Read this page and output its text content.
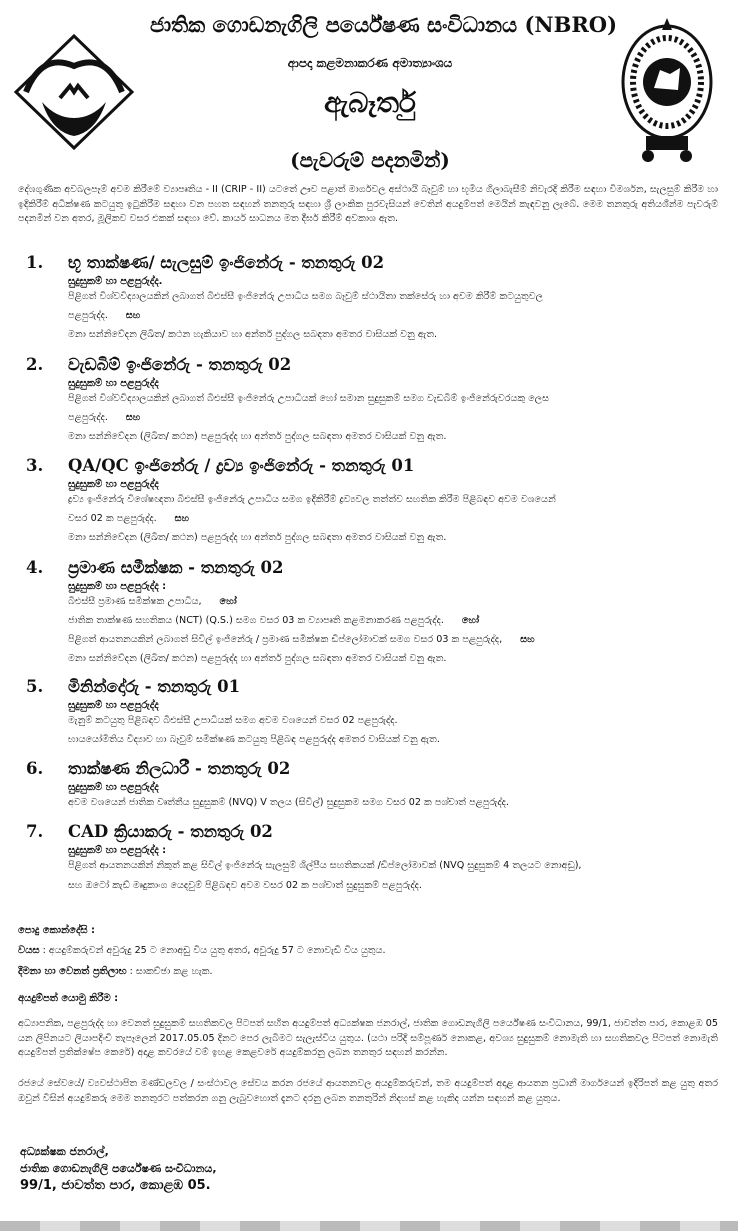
ජාතික ගොඩනැගිලි පර්යේෂණ සංවිධානය (NBRO)
ආපදා කළමනාකරණ අමාත්‍යාංශය
ඇබෑර්තු
(පැවරුම් පදනමින්)
දේශගුණික අවබලපෑම් අවම කිරීමේ ව්‍යාපෘතිය - II (CRIP - II) යටතේ ඌව පළාත් මාර්ගවල අස්ථායි බෑවුම් හා භූමිය ගිලාබැසීම් නිවැරදි කිරීම සඳහා විමර්ශන, සැලසුම් කිරීම හා ඉදිකිරීම් අධීක්ෂණ කටයුතු ඉටුකිරීම සඳහා වන පහත සඳහන් තනතුරු සඳහා ශ්‍රී ලාංකික පුරවැසියන් වෙතින් අයදුම්පත් මෙයින් කැඳවනු ලැබේ. මෙම තනතුරු අතියශීන්ම පැවරුම් පදනමින් වන අතර, මූලිකව වසර එකක් සඳහා වේ. කාර්ය සාධනය මත දීර්ඝ කිරීම් අවකාශ ඇත.
1. භූ තාක්ෂණ/ සැලසුම් ඉංජිනේරු - තනතුරු 02
සුදුසුකම් හා පළපුරුද්ද.
පිළිගත් විශ්වවිද්‍යාලයකින් ලබාගත් බීඑස්සී ඉංජිනේරු උපාධිය සමග බෑවුම් ස්ථායිතා තක්සේරු හා අවම කිරීම් කටයුතුවල
පළපුරුද්ද. සහ
මනා සන්නිවේදන ලිඛිත/ කථන හැකියාව හා අන්තර් පුද්ගල සබඳතා අමතර වාසියක් වනු ඇත.
2. වැඩබිම් ඉංජිනේරු - තනතුරු 02
සුදුසුකම් හා පළපුරුද්ද
පිළිගත් විශ්වවිද්‍යාලයකින් ලබාගත් බීඑස්සී ඉංජිනේරු උපාධියක් හෝ සමාන සුදුසුකම් සමග වැඩබිම් ඉංජිනේරුවරයකු ලෙස
පළපුරුද්ද. සහ
මනා සන්නිවේදන (ලිඛිත/ කථන) පළපුරුද්ද හා අන්තර් පුද්ගල සබඳතා අමතර වාසියක් වනු ඇත.
3. QA/QC ඉංජිනේරු / ද්‍රව්‍ය ඉංජිනේරු - තනතුරු 01
සුදුසුකම් හා පළපුරුද්ද
ද්‍රව්‍ය ඉංජිනේරු විශේෂඥතා බීඑස්සී ඉංජිනේරු උපාධිය සමග ඉදිකිරීම් ද්‍රව්‍යවල තත්ත්ව සහතික කිරීම පිළිබඳව අවම වශයෙන්
වසර 02 ක පළපුරුද්ද. සහ
මනා සන්නිවේදන (ලිඛිත/ කථන) පළපුරුද්ද හා අන්තර් පුද්ගල සබඳතා අමතර වාසියක් වනු ඇත.
4. ප්‍රමාණ සමීක්ෂක - තනතුරු 02
සුදුසුකම් හා පළපුරුද්ද :
බීඑස්සී ප්‍රමාණ සමීක්ෂක උපාධිය, හෝ
ජාතික තාක්ෂණ සහතිකය (NCT) (Q.S.) සමග වසර 03 ක ව්‍යාපෘති කළමනාකරණ පළපුරුද්ද. හෝ
පිළිගත් ආයතනයකින් ලබාගත් සිවිල් ඉංජිනේරු / ප්‍රමාණ සමීක්ෂක ඩිප්ලෝමාවක් සමග වසර 03 ක පළපුරුද්ද, සහ
මනා සන්නිවේදන (ලිඛිත/ කථන) පළපුරුද්ද හා අන්තර් පුද්ගල සබඳතා අමතර වාසියක් වනු ඇත.
5. මිනින්දෝරු - තනතුරු 01
සුදුසුකම් හා පළපුරුද්ද
මැනුම් කටයුතු පිළිබඳව බීඑස්සී උපාධියක් සමග අවම වශයෙන් වසර 02 පළපුරුද්ද.
භායයෝමිතිය විද්‍යාව හා බෑවුම් සමීක්ෂණ කටයුතු පිළිබඳ පළපුරුද්ද අමතර වාසියක් වනු ඇත.
6. තාක්ෂණ නිලධාරී - තනතුරු 02
සුදුසුකම් හා පළපුරුද්ද
අවම වශයෙන් ජාතික වෘත්තීය සුදුසුකම් (NVQ) V තලය (සිවිල්) සුදුසුකම සමග වසර 02 ක පශ්චාත් පළපුරුද්ද.
7. CAD ක්‍රියාකරු - තනතුරු 02
සුදුසුකම් හා පළපුරුද්ද :
පිළිගත් ආයතනයකින් නිකුත් කළ සිවිල් ඉංජිනේරු සැලසුම් ශිල්පීය සහතිකයක් /ඩිප්ලෝමාවක් (NVQ සුදුසුකම් 4 තලයට නොඅඩු),
සහ ඔටෝ කැඩ් මෘදුකාංග යෙදවුම් පිළිබඳව අවම වසර 02 ක පශ්චාත් සුදුසුකම් පළපුරුද්ද.
පොදු කොන්දේසි :
වයස : අයදුම්කරුවන් අවුරුදු 25 ට නොඅඩු විය යුතු අතර, අවුරුදු 57 ට නොවැඩි විය යුතුය.
දීමනා හා වෙනත් ප්‍රතිලාභ : සාකච්ඡා කළ හැක.
අයදුම්පත් යොමු කිරීම :
අධ්‍යාපනික, පළපුරුද්ද හා වෙනත් සුදුසුකම් සහතිකවල පිටපත් සහිත අයදුම්පත් අධ්‍යක්ෂක ජනරාල්, ජාතික ගොඩනැගිලි පර්යේෂණ සංවිධානය, 99/1, ජාවත්ත පාර, කොළඹ 05 යන ලිපිනයට ලියාපදිංචි තැපෑලෙන් 2017.05.05 දිනට පෙර ලැබීමට සැලැස්විය යුතුය. (යථා පරිදි සම්පූර්ණ නොකළ, අවශ්‍ය සුදුසුකම් නොමැති හා සහතිකවල පිටපත් නොමැති අයදුම්පත් ප්‍රතික්ෂේප කෙරේ) අදාළ කවරයේ වම් ඉහළ කෙළවරේ අයදුම්කරනු ලබන තනතුර සඳහන් කරන්න.
රජයේ සේවයේ/ ව්‍යවස්ථාපිත මණ්ඩලවල / සංස්ථාවල සේවය කරන රජයේ ආයතනවල අයදුම්කරුවන්, තම අයදුම්පත් අදාළ ආයතන ප්‍රධානී මාර්ගයෙන් ඉදිරිපත් කළ යුතු අතර ඔවුන් විසින් අයදුම්කරු මෙම තනතුරට පත්කරන ගනු ලැබුවහොත් දැනට දරනු ලබන තනතුරින් නිදහස් කළ හැකිද යන්න සඳහන් කළ යුතුය.
අධ්‍යක්ෂක ජනරාල්,
ජාතික ගොඩනැගිලි පර්යේෂණ සංවිධානය,
99/1, ජාවත්ත පාර, කොළඹ 05.
